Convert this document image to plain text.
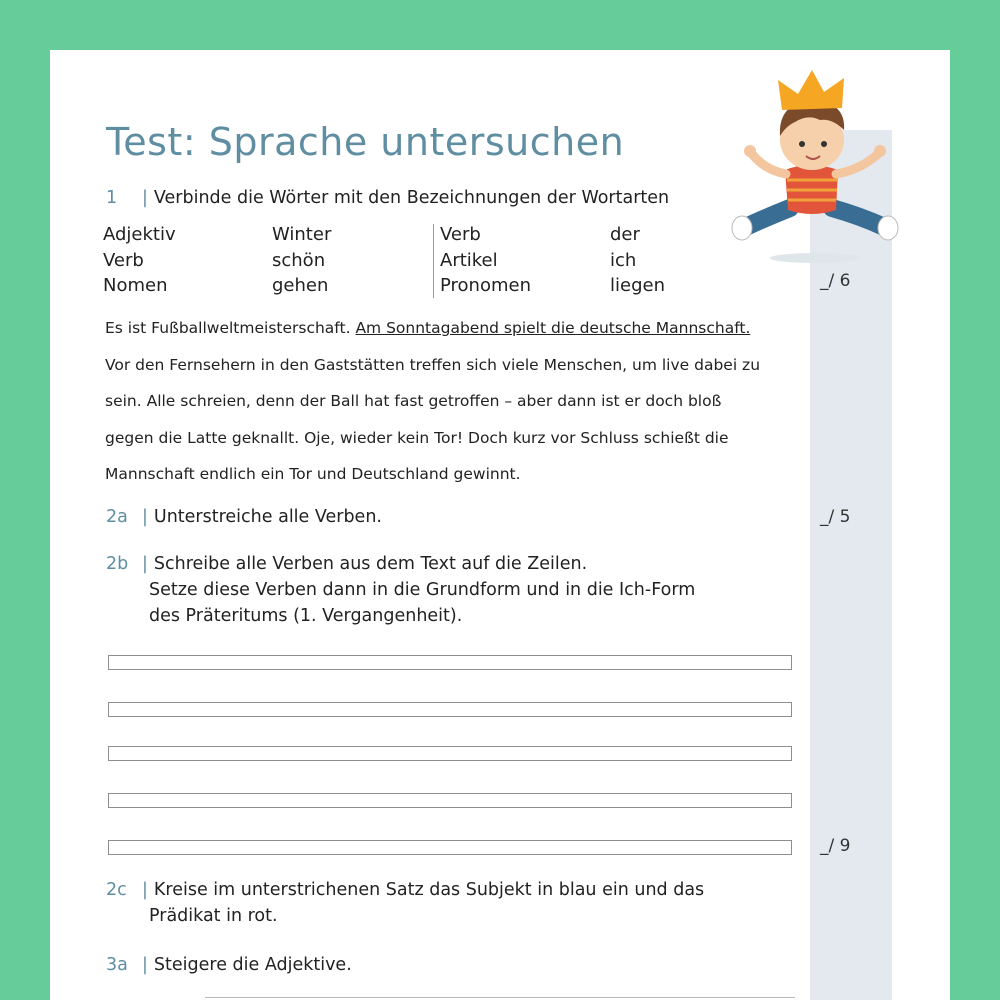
Test: Sprache untersuchen
1 | Verbinde die Wörter mit den Bezeichnungen der Wortarten
Adjektiv
Verb
Nomen
Winter
schön
gehen
Verb
Artikel
Pronomen
der
ich
liegen	_/ 6
Es ist Fußballweltmeisterschaft. Am Sonntagabend spielt die deutsche Mannschaft.
Vor den Fernsehern in den Gaststätten treffen sich viele Menschen, um live dabei zu
sein. Alle schreien, denn der Ball hat fast getroffen – aber dann ist er doch bloß
gegen die Latte geknallt. Oje, wieder kein Tor! Doch kurz vor Schluss schießt die
Mannschaft endlich ein Tor und Deutschland gewinnt.
2a | Unterstreiche alle Verben.	_/ 5
2b | Schreibe alle Verben aus dem Text auf die Zeilen.
Setze diese Verben dann in die Grundform und in die Ich-Form
des Präteritums (1. Vergangenheit).
_/ 9
2c | Kreise im unterstrichenen Satz das Subjekt in blau ein und das
Prädikat in rot.
3a | Steigere die Adjektive.
